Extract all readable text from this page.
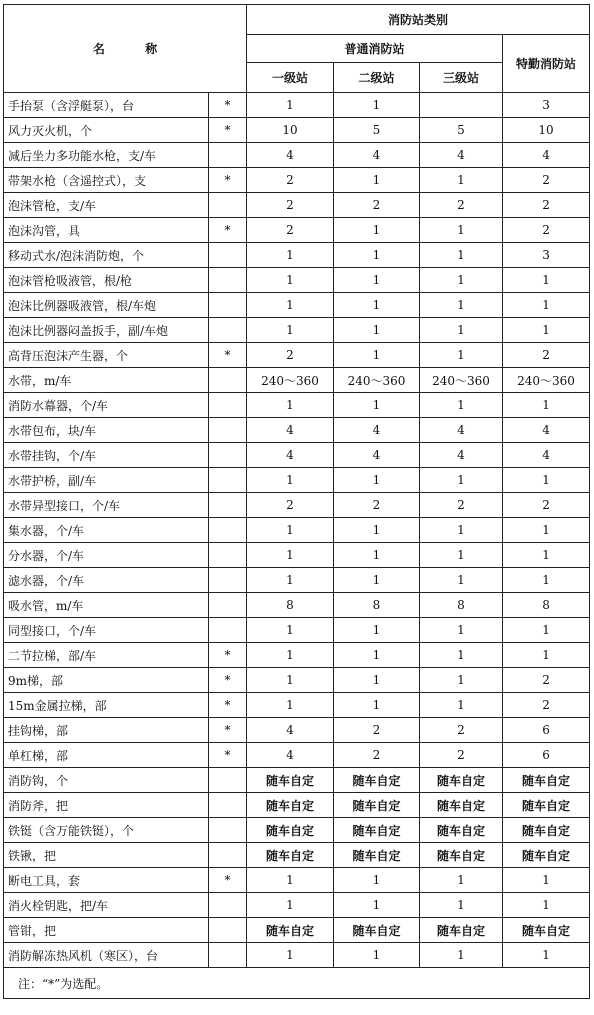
名 称		消防站类别			
		普通消防站			特勤消防站
		一级站	二级站	三级站	
手抬泵（含浮艇泵），台	*	1	1		3
风力灭火机，个	*	10	5	5	10
减后坐力多功能水枪，支/车		4	4	4	4
带架水枪（含遥控式），支	*	2	1	1	2
泡沫管枪，支/车		2	2	2	2
泡沫沟管，具	*	2	1	1	2
移动式水/泡沫消防炮，个		1	1	1	3
泡沫管枪吸液管，根/枪		1	1	1	1
泡沫比例器吸液管，根/车炮		1	1	1	1
泡沫比例器闷盖扳手，副/车炮		1	1	1	1
高背压泡沫产生器，个	*	2	1	1	2
水带，m/车		240～360	240～360	240～360	240～360
消防水幕器，个/车		1	1	1	1
水带包布，块/车		4	4	4	4
水带挂钩，个/车		4	4	4	4
水带护桥，副/车		1	1	1	1
水带异型接口，个/车		2	2	2	2
集水器，个/车		1	1	1	1
分水器，个/车		1	1	1	1
滤水器，个/车		1	1	1	1
吸水管，m/车		8	8	8	8
同型接口，个/车		1	1	1	1
二节拉梯，部/车	*	1	1	1	1
9m梯，部	*	1	1	1	2
15m金属拉梯，部	*	1	1	1	2
挂钩梯，部	*	4	2	2	6
单杠梯，部	*	4	2	2	6
消防钩，个		随车自定	随车自定	随车自定	随车自定
消防斧，把		随车自定	随车自定	随车自定	随车自定
铁铤（含万能铁铤），个		随车自定	随车自定	随车自定	随车自定
铁锹，把		随车自定	随车自定	随车自定	随车自定
断电工具，套	*	1	1	1	1
消火栓钥匙，把/车		1	1	1	1
管钳，把		随车自定	随车自定	随车自定	随车自定
消防解冻热风机（寒区），台		1	1	1	1
注：“*”为选配。					
